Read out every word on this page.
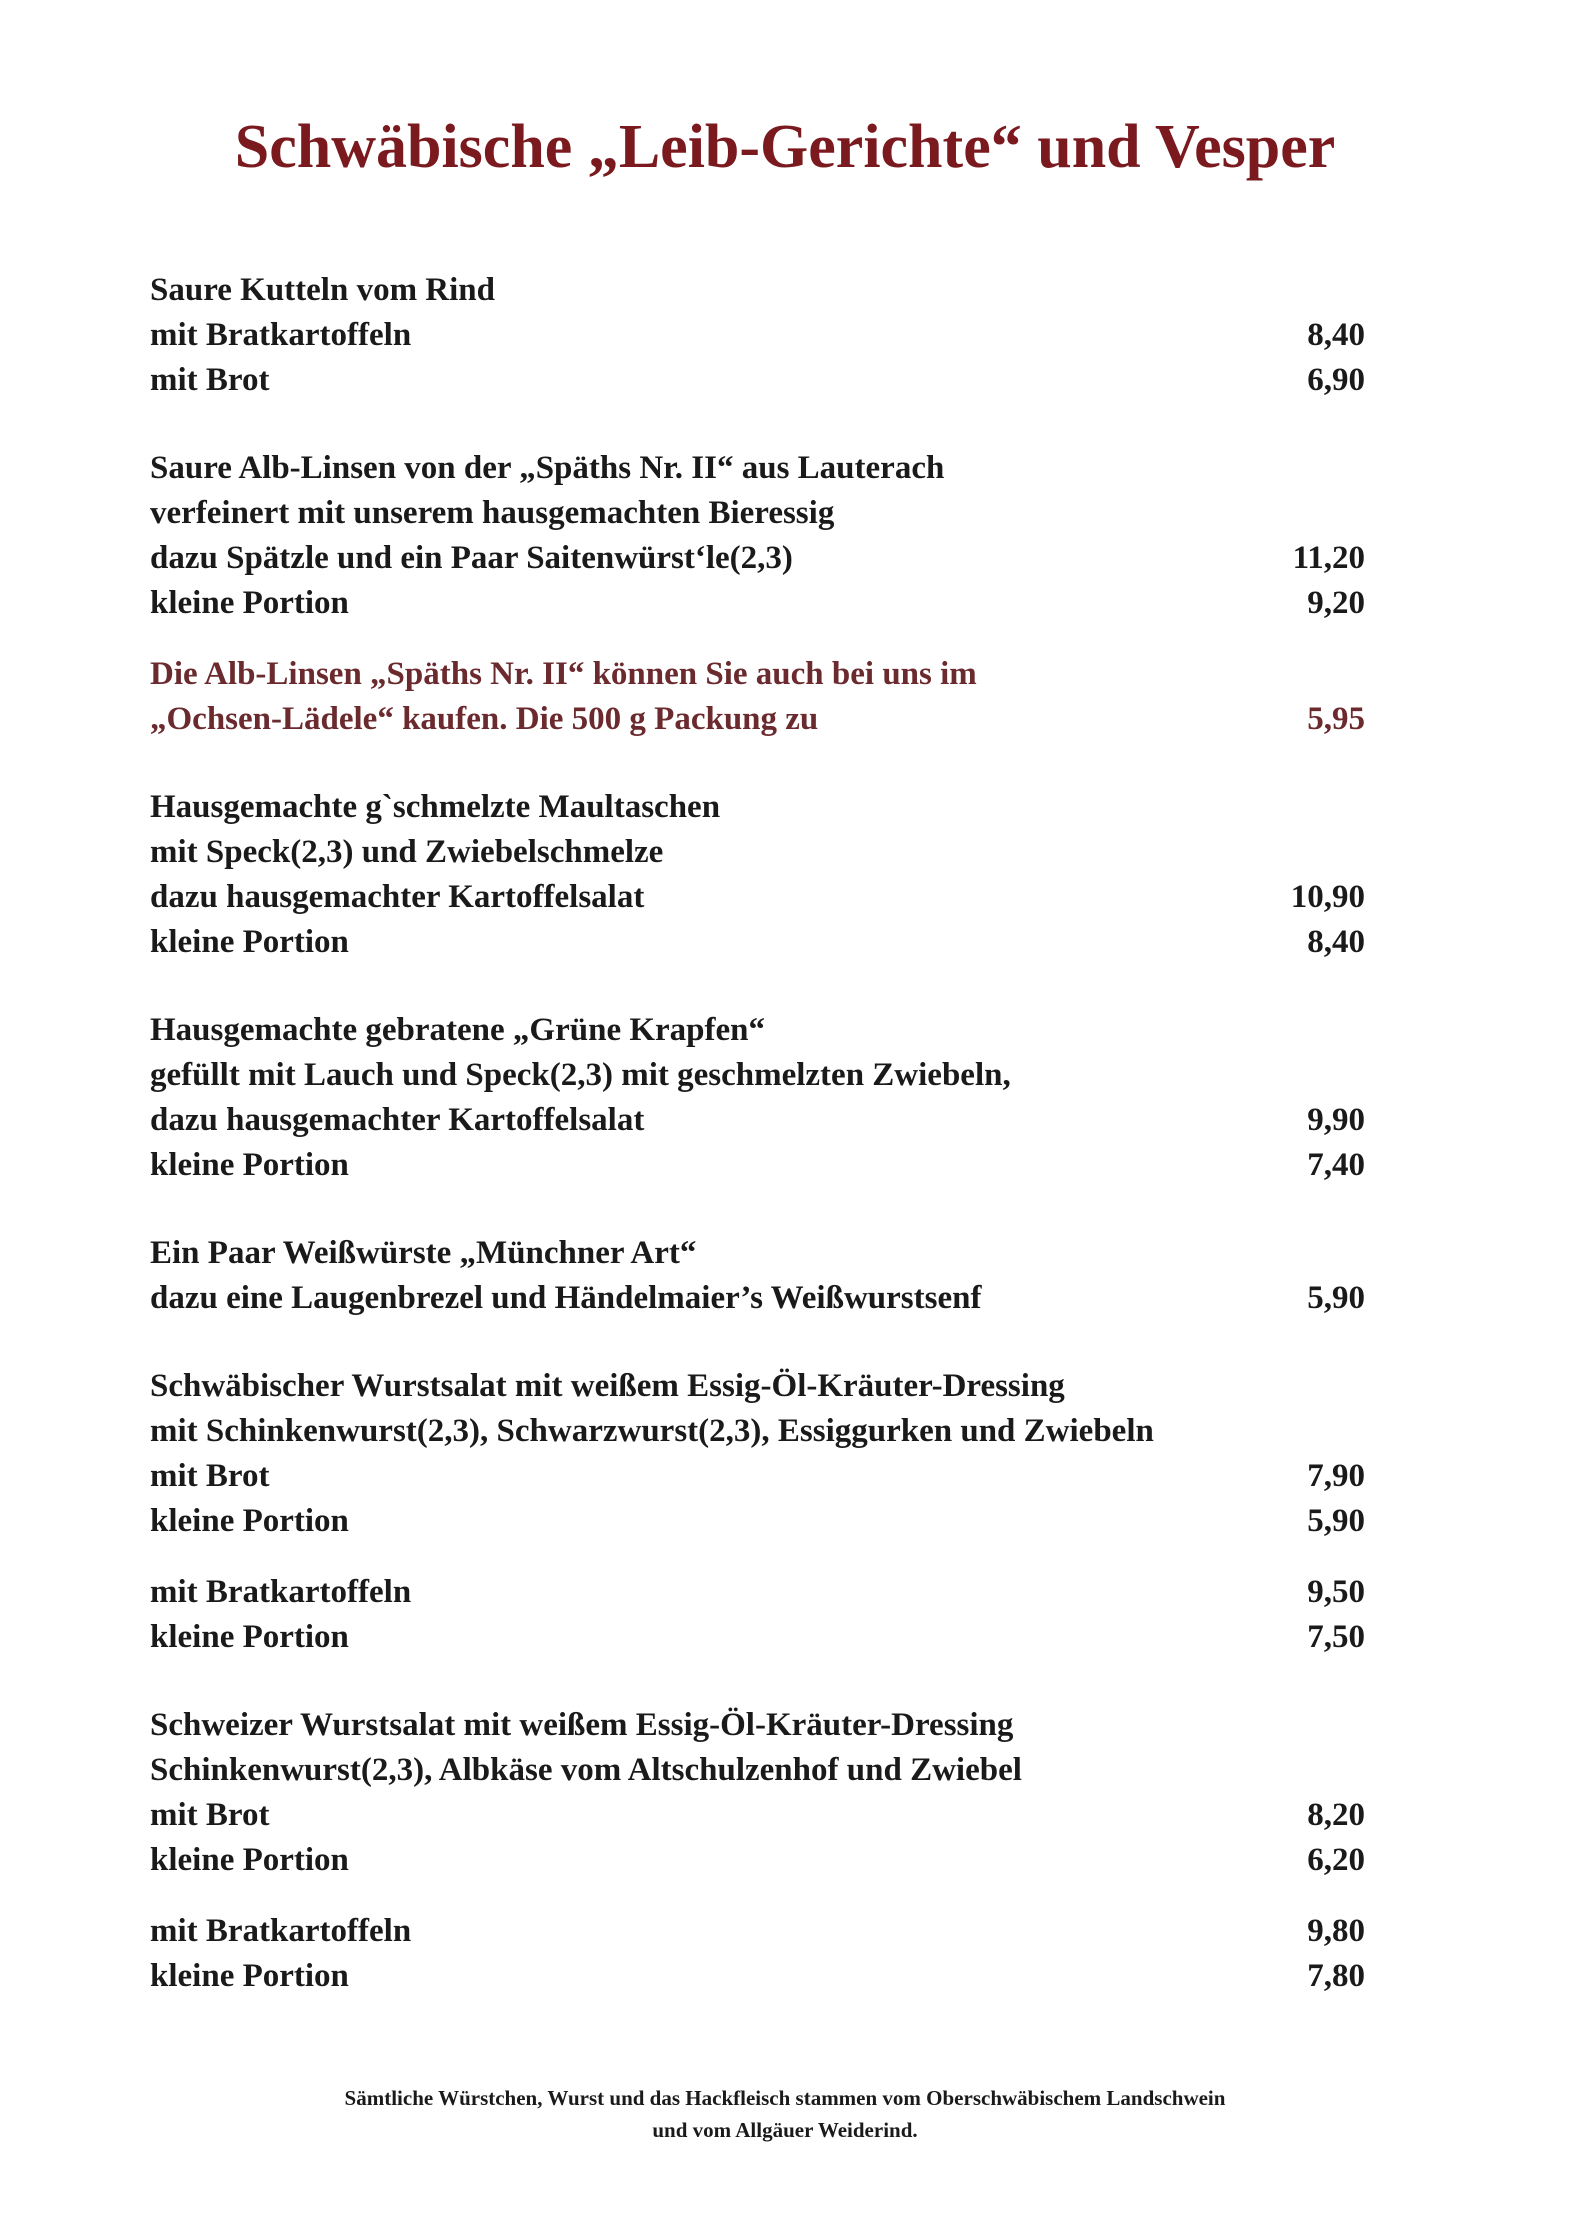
Schwäbische „Leib-Gerichte“ und Vesper
Saure Kutteln vom Rind
mit Bratkartoffeln	8,40
mit Brot	6,90
Saure Alb-Linsen von der „Späths Nr. II“ aus Lauterach
verfeinert mit unserem hausgemachten Bieressig
dazu Spätzle und ein Paar Saitenwürst‘le(2,3)	11,20
kleine Portion	9,20
Die Alb-Linsen „Späths Nr. II“ können Sie auch bei uns im
„Ochsen-Lädele“ kaufen. Die 500 g Packung zu	5,95
Hausgemachte g`schmelzte Maultaschen
mit Speck(2,3) und Zwiebelschmelze
dazu hausgemachter Kartoffelsalat	10,90
kleine Portion	8,40
Hausgemachte gebratene „Grüne Krapfen“
gefüllt mit Lauch und Speck(2,3) mit geschmelzten Zwiebeln,
dazu hausgemachter Kartoffelsalat	9,90
kleine Portion	7,40
Ein Paar Weißwürste „Münchner Art“
dazu eine Laugenbrezel und Händelmaier’s Weißwurstsenf	5,90
Schwäbischer Wurstsalat mit weißem Essig-Öl-Kräuter-Dressing
mit Schinkenwurst(2,3), Schwarzwurst(2,3), Essiggurken und Zwiebeln
mit Brot	7,90
kleine Portion	5,90
mit Bratkartoffeln	9,50
kleine Portion	7,50
Schweizer Wurstsalat mit weißem Essig-Öl-Kräuter-Dressing
Schinkenwurst(2,3), Albkäse vom Altschulzenhof und Zwiebel
mit Brot	8,20
kleine Portion	6,20
mit Bratkartoffeln	9,80
kleine Portion	7,80

Sämtliche Würstchen, Wurst und das Hackfleisch stammen vom Oberschwäbischem Landschwein

und vom Allgäuer Weiderind.
